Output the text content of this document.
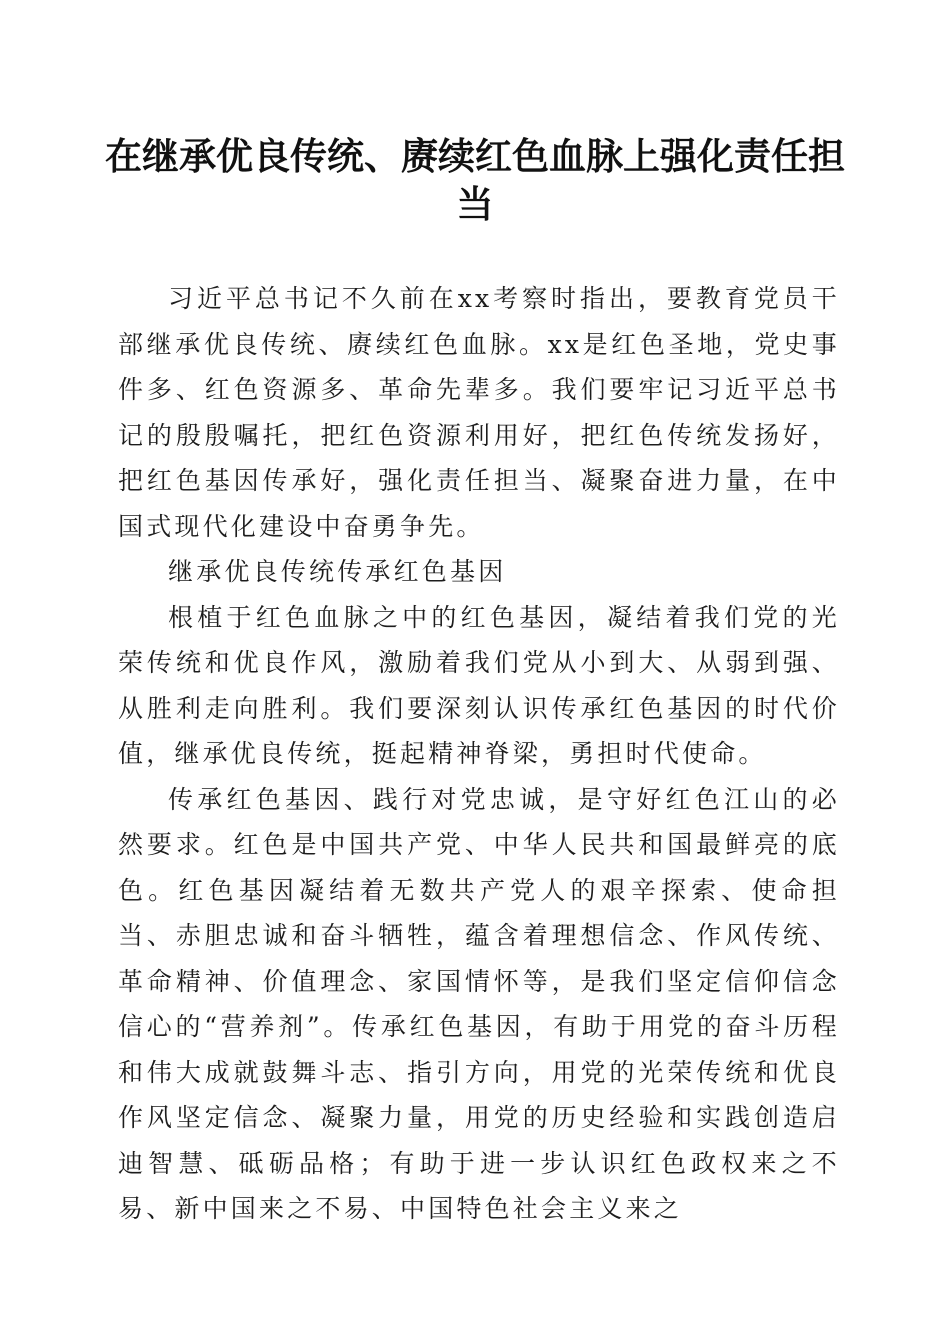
在继承优良传统、赓续红色血脉上强化责任担当

习近平总书记不久前在xx考察时指出，要教育党员干部继承优良传统、赓续红色血脉。xx是红色圣地，党史事件多、红色资源多、革命先辈多。我们要牢记习近平总书记的殷殷嘱托，把红色资源利用好，把红色传统发扬好，把红色基因传承好，强化责任担当、凝聚奋进力量，在中国式现代化建设中奋勇争先。

继承优良传统传承红色基因

根植于红色血脉之中的红色基因，凝结着我们党的光荣传统和优良作风，激励着我们党从小到大、从弱到强、从胜利走向胜利。我们要深刻认识传承红色基因的时代价值，继承优良传统，挺起精神脊梁，勇担时代使命。

传承红色基因、践行对党忠诚，是守好红色江山的必然要求。红色是中国共产党、中华人民共和国最鲜亮的底色。红色基因凝结着无数共产党人的艰辛探索、使命担当、赤胆忠诚和奋斗牺牲，蕴含着理想信念、作风传统、革命精神、价值理念、家国情怀等，是我们坚定信仰信念信心的“营养剂”。传承红色基因，有助于用党的奋斗历程和伟大成就鼓舞斗志、指引方向，用党的光荣传统和优良作风坚定信念、凝聚力量，用党的历史经验和实践创造启迪智慧、砥砺品格；有助于进一步认识红色政权来之不易、新中国来之不易、中国特色社会主义来之
